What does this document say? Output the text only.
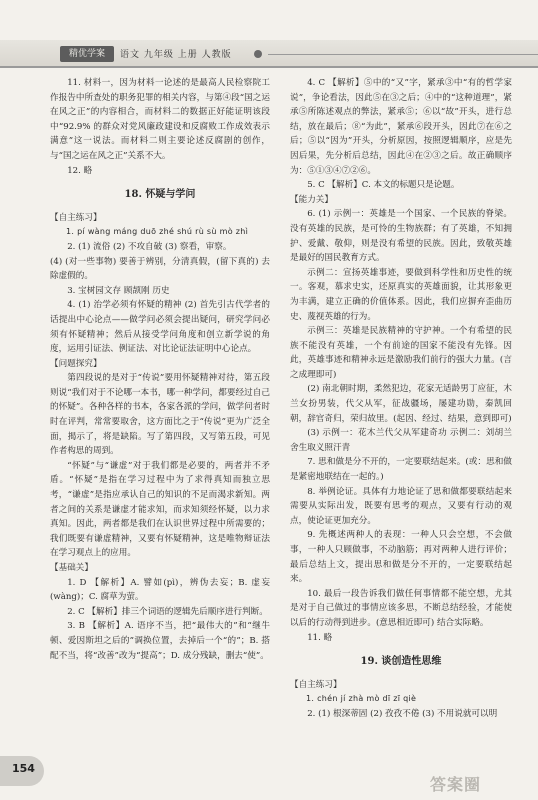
精优学案	语文 九年级 上册 人教版

11. 材料一，因为材料一论述的是最高人民检察院工作报告中所查处的职务犯罪的相关内容，与第④段“国之运在风之正”的内容相合，而材料二的数据正好能证明该段中“92.9% 的群众对党风廉政建设和反腐败工作成效表示满意”这一说法。而材料二则主要论述反腐剧的创作，与“国之运在风之正”关系不大。

12. 略

18. 怀疑与学问

【自主练习】

1. pí wàng máng duō zhé shú rù sù mò zhì

2. (1) 流俗 (2) 不攻自破 (3) 察看，审察。

(4) (对一些事物) 要善于辨别，分清真假，(留下真的) 去除虚假的。

3. 宝树园文存 顾颉刚 历史

4. (1) 治学必须有怀疑的精神 (2) 首先引古代学者的话提出中心论点——做学问必须会提出疑问，研究学问必须有怀疑精神；然后从接受学问角度和创立新学说的角度，运用引证法、例证法、对比论证法证明中心论点。

【问题探究】

第四段说的是对于“传说”要用怀疑精神对待，第五段则说“我们对于不论哪一本书，哪一种学问，都要经过自己的怀疑”。各种各样的书本，各家各派的学问，做学问者时时在评判，常常要取舍，这方面比之于“传说”更为广泛全面，揭示了，将是缺陷。写了第四段，又写第五段，可见作者构思的周到。

“怀疑”与“谦虚”对于我们都是必要的，两者并不矛盾。“怀疑”是指在学习过程中为了求得真知而独立思考，“谦虚”是指应承认自己的知识的不足而渴求新知。两者之间的关系是谦虚才能求知，而求知须经怀疑，以力求真知。因此，两者都是我们在认识世界过程中所需要的；我们既要有谦虚精神，又要有怀疑精神，这是唯物辩证法在学习观点上的应用。

【基础关】

1. D 【解析】A. 譬如(pì)，辨伪去妄；B. 虚妄(wàng)；C. 腐草为萤。

2. C 【解析】排三个词语的逻辑先后顺序进行判断。

3. B 【解析】A. 语序不当，把“最伟大的”和“继牛顿、爱因斯坦之后的”调换位置，去掉后一个“的”；B. 搭配不当，将“改善”改为“提高”；D. 成分残缺，删去“使”。

4. C 【解析】⑤中的“又”字，紧承③中“有的哲学家说”，争论看法，因此⑤在③之后；④中的“这种道理”，紧承⑤所陈述观点的弊法，紧承⑤；⑥以“故”开头，进行总结，放在最后；⑧“为此”，紧承⑥段开头，因此⑦在⑥之后；⑤以“因为”开头，分析原因，按照逻辑顺序，应是先因后果，先分析后总结，因此④在②③之后。故正确顺序为：⑤①③④⑦②⑥。

5. C 【解析】C. 本文的标题只是论题。

【能力关】

6. (1) 示例一：英雄是一个国家、一个民族的脊梁。没有英雄的民族，是可怜的生物族群；有了英雄，不知拥护、爱戴、敬仰，则是没有希望的民族。因此，致敬英雄是最好的国民教育方式。

示例二：宣扬英雄事迹，要做到科学性和历史性的统一。客观，慕求史实，还原真实的英雄面貌，让其形象更为丰满，建立正确的价值体系。因此，我们应摒弃歪曲历史、蔑视英雄的行为。

示例三：英雄是民族精神的守护神。一个有希望的民族不能没有英雄，一个有前途的国家不能没有先锋。因此，英雄事迹和精神永远是激励我们前行的强大力量。(言之成理即可)

(2) 南北朝时期，柔然犯边，花家无适龄男丁应征，木兰女扮男装，代父从军，征战疆场，屡建功勋，秦凯回朝，辞官奇归，荣归故里。(起因、经过、结果，意到即可)

(3) 示例一：花木兰代父从军建奇功 示例二：刘胡兰舍生取义照汗青

7. 思和做是分不开的，一定要联结起来。(或：思和做是紧密地联结在一起的。)

8. 举例论证。具体有力地论证了思和做都要联结起来需要从实际出发，既要有思考的观点，又要有行动的观点，使论证更加充分。

9. 先概述两种人的表现：一种人只会空想，不会做事，一种人只顾做事，不动脑筋；再对两种人进行评价；最后总结上文，提出思和做是分不开的，一定要联结起来。

10. 最后一段告诉我们做任何事情都不能空想，尤其是对于自己做过的事情应该多思，不断总结经验，才能使以后的行动得到进步。(意思相近即可) 结合实际略。

11. 略

19. 谈创造性思维

【自主练习】

1. chén jí zhà mò dī zī qiè

2. (1) 根深蒂固 (2) 孜孜不倦 (3) 不用说就可以明

154
答案圈
